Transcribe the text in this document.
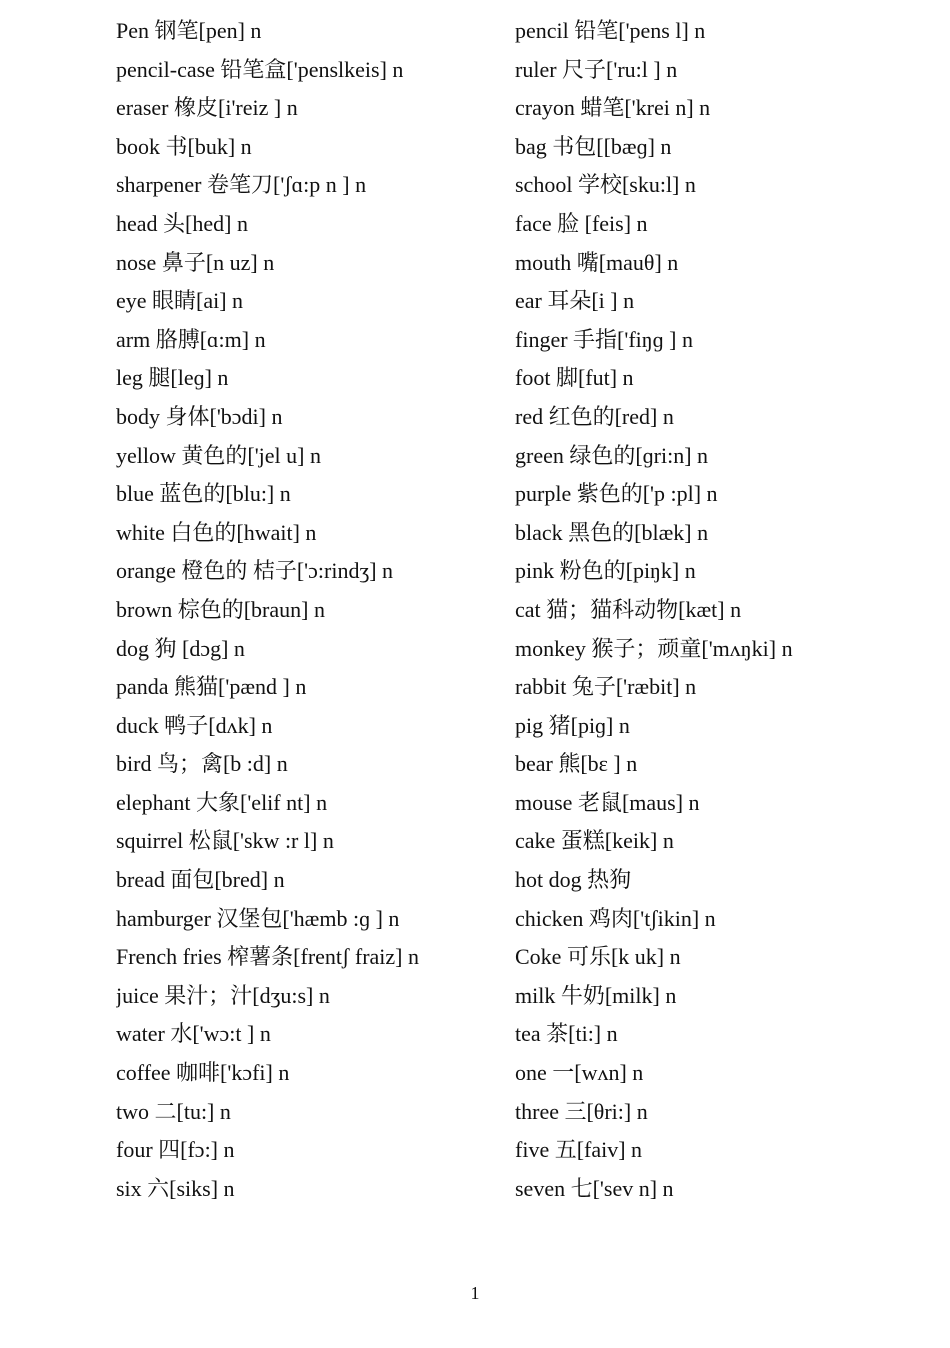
Pen 钢笔[pen] n
pencil-case 铅笔盒['penslkeis] n
eraser 橡皮[i'reiz ] n
book 书[buk] n
sharpener 卷笔刀['ʃɑ:p n ] n
head 头[hed] n
nose 鼻子[n uz] n
eye 眼睛[ai] n
arm 胳膊[ɑ:m] n
leg 腿[leɡ] n
body 身体['bɔdi] n
yellow 黄色的['jel u] n
blue 蓝色的[blu:] n
white 白色的[hwait] n
orange 橙色的 桔子['ɔ:rindʒ] n
brown 棕色的[braun] n
dog 狗 [dɔg] n
panda 熊猫['pænd ] n
duck 鸭子[dʌk] n
bird 鸟；禽[b :d] n
elephant 大象['elif nt] n
squirrel 松鼠['skw :r l] n
bread 面包[bred] n
hamburger 汉堡包['hæmb :ɡ ] n
French fries 榨薯条[frentʃ fraiz] n
juice 果汁；汁[dʒu:s] n
water 水['wɔ:t ] n
coffee 咖啡['kɔfi] n
two 二[tu:] n
four 四[fɔ:] n
six 六[siks] n
pencil 铅笔['pens l] n
ruler 尺子['ru:l ] n
crayon 蜡笔['krei n] n
bag 书包[[bæɡ] n
school 学校[sku:l] n
face 脸 [feis] n
mouth 嘴[mauθ] n
ear 耳朵[i ] n
finger 手指['fiŋɡ ] n
foot 脚[fut] n
red 红色的[red] n
green 绿色的[ɡri:n] n
purple 紫色的['p :pl] n
black 黑色的[blæk] n
pink 粉色的[piŋk] n
cat 猫；猫科动物[kæt] n
monkey 猴子；顽童['mʌŋki] n
rabbit 兔子['ræbit] n
pig 猪[piɡ] n
bear 熊[bɛ ] n
mouse 老鼠[maus] n
cake 蛋糕[keik] n
hot dog 热狗
chicken 鸡肉['tʃikin] n
Coke 可乐[k uk] n
milk 牛奶[milk] n
tea 茶[ti:] n
one 一[wʌn] n
three 三[θri:] n
five 五[faiv] n
seven 七['sev n] n
1
